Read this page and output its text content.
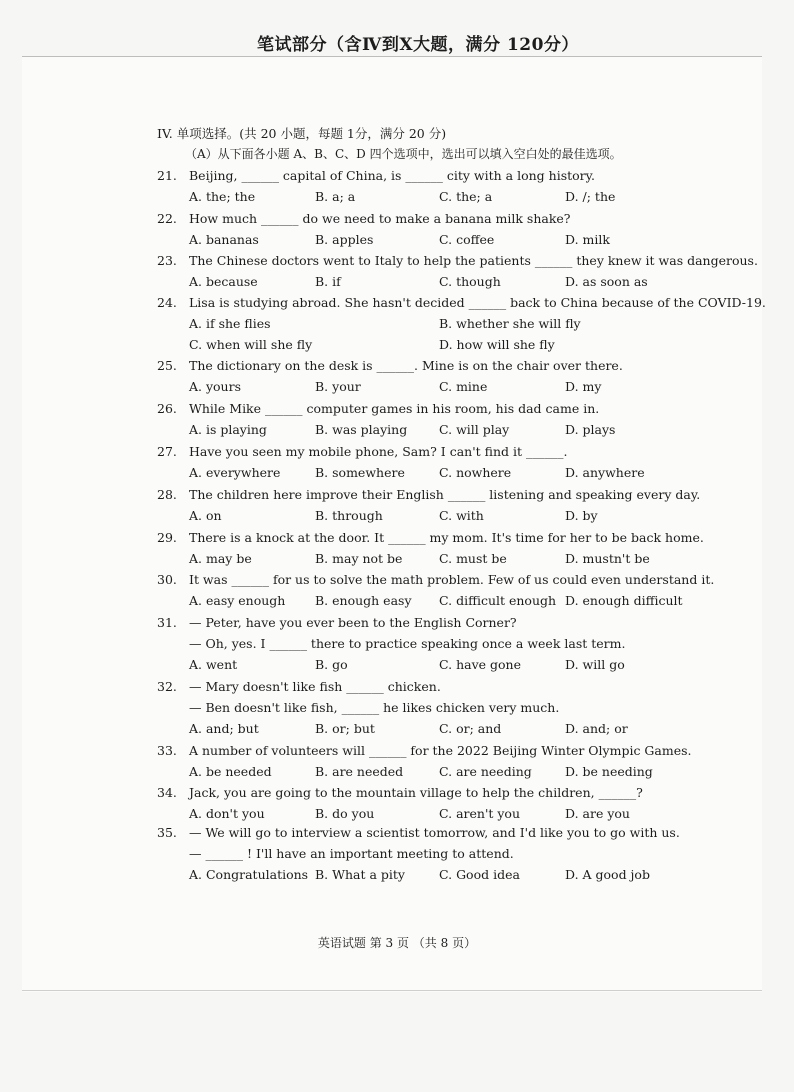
笔试部分（含Ⅳ到Ⅹ大题，满分 120分）
IV. 单项选择。(共 20 小题，每题 1分，满分 20 分)
（A）从下面各小题 A、B、C、D 四个选项中，选出可以填入空白处的最佳选项。
21. Beijing, ______ capital of China, is ______ city with a long history.
A. the; the	B. a; a	C. the; a	D. /; the
22. How much ______ do we need to make a banana milk shake?
A. bananas	B. apples	C. coffee	D. milk
23. The Chinese doctors went to Italy to help the patients ______ they knew it was dangerous.
A. because	B. if	C. though	D. as soon as
24. Lisa is studying abroad. She hasn't decided ______ back to China because of the COVID-19.
A. if she flies	B. whether she will fly
C. when will she fly	D. how will she fly
25. The dictionary on the desk is ______. Mine is on the chair over there.
A. yours	B. your	C. mine	D. my
26. While Mike ______ computer games in his room, his dad came in.
A. is playing	B. was playing	C. will play	D. plays
27. Have you seen my mobile phone, Sam? I can't find it ______.
A. everywhere	B. somewhere	C. nowhere	D. anywhere
28. The children here improve their English ______ listening and speaking every day.
A. on	B. through	C. with	D. by
29. There is a knock at the door. It ______ my mom. It's time for her to be back home.
A. may be	B. may not be	C. must be	D. mustn't be
30. It was ______ for us to solve the math problem. Few of us could even understand it.
A. easy enough B. enough easy C. difficult enough D. enough difficult
31. — Peter, have you ever been to the English Corner?
— Oh, yes. I ______ there to practice speaking once a week last term.
A. went	B. go	C. have gone	D. will go
32. — Mary doesn't like fish ______ chicken.
— Ben doesn't like fish, ______ he likes chicken very much.
A. and; but	B. or; but	C. or; and	D. and; or
33. A number of volunteers will ______ for the 2022 Beijing Winter Olympic Games.
A. be needed	B. are needed	C. are needing	D. be needing
34. Jack, you are going to the mountain village to help the children, ______?
A. don't you	B. do you	C. aren't you	D. are you
35. — We will go to interview a scientist tomorrow, and I'd like you to go with us.
— ______ ! I'll have an important meeting to attend.
A. Congratulations B. What a pity	C. Good idea	D. A good job
英语试题 第 3 页 （共 8 页）
